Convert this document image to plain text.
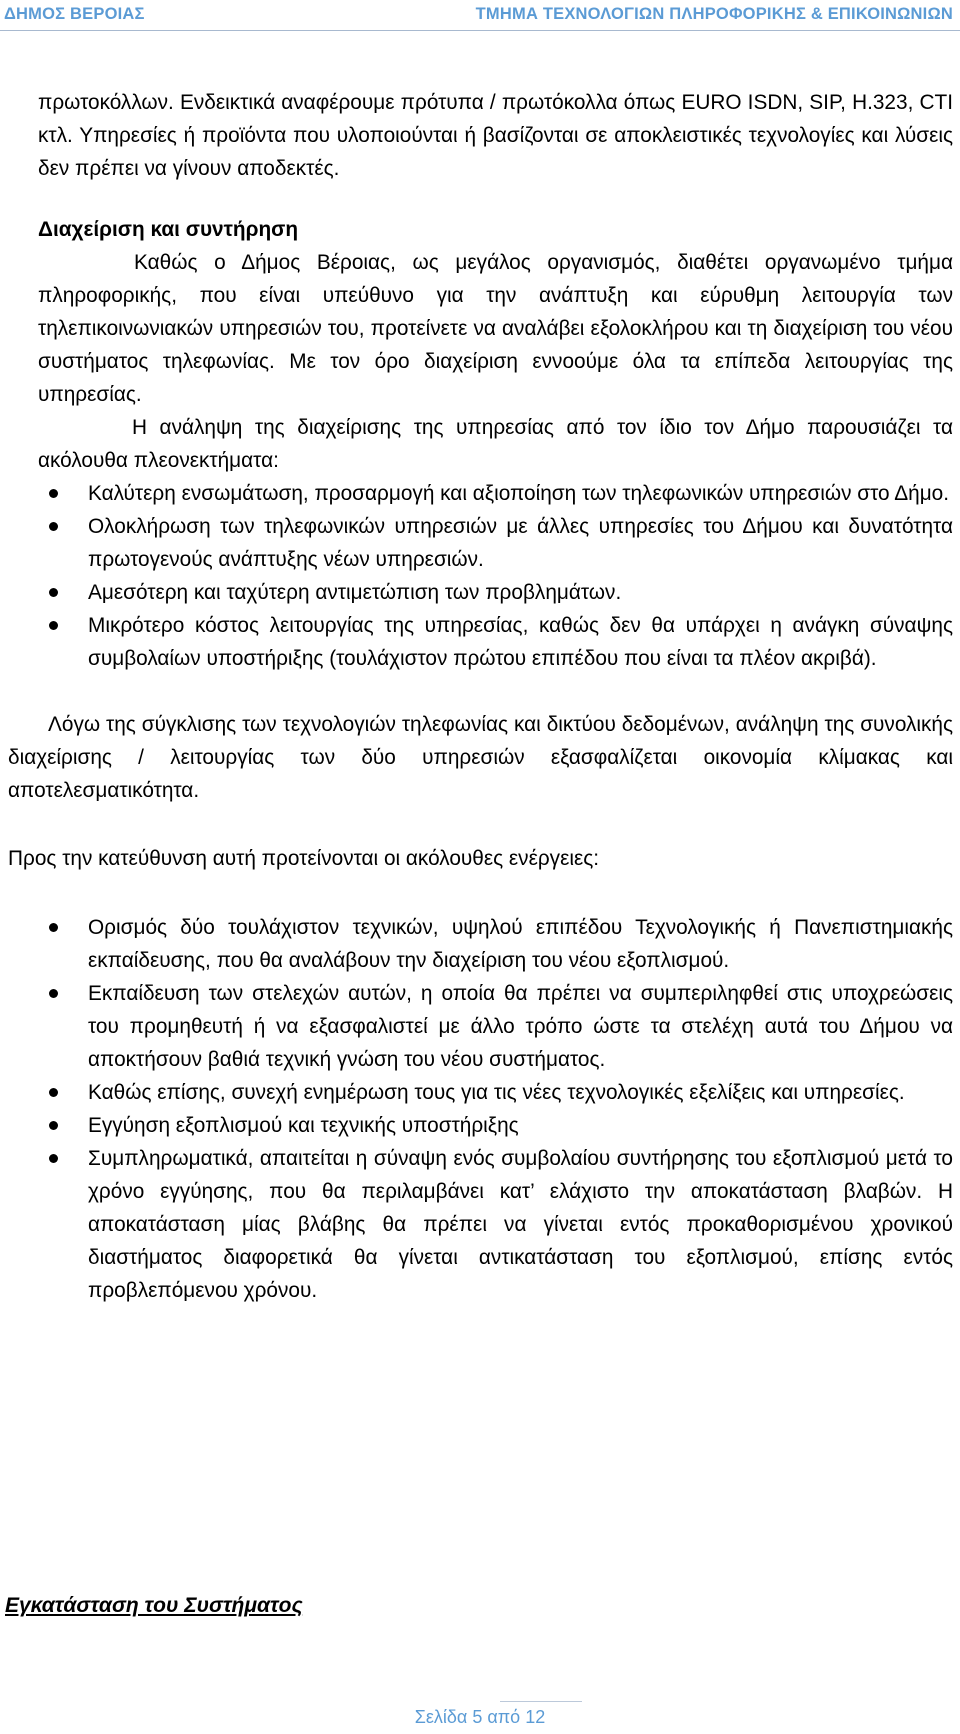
ΔΗΜΟΣ ΒΕΡΟΙΑΣ	ΤΜΗΜΑ ΤΕΧΝΟΛΟΓΙΩΝ ΠΛΗΡΟΦΟΡΙΚΗΣ & ΕΠΙΚΟΙΝΩΝΙΩΝ

πρωτοκόλλων. Ενδεικτικά αναφέρουμε πρότυπα / πρωτόκολλα όπως EURO ISDN, SIP, H.323, CTI κτλ. Υπηρεσίες ή προϊόντα που υλοποιούνται ή βασίζονται σε αποκλειστικές τεχνολογίες και λύσεις δεν πρέπει να γίνουν αποδεκτές.

Διαχείριση και συντήρηση

Καθώς ο Δήμος Βέροιας, ως μεγάλος οργανισμός, διαθέτει οργανωμένο τμήμα πληροφορικής, που είναι υπεύθυνο για την ανάπτυξη και εύρυθμη λειτουργία των τηλεπικοινωνιακών υπηρεσιών του, προτείνετε να αναλάβει εξολοκλήρου και τη διαχείριση του νέου συστήματος τηλεφωνίας. Με τον όρο διαχείριση εννοούμε όλα τα επίπεδα λειτουργίας της υπηρεσίας.

Η ανάληψη της διαχείρισης της υπηρεσίας από τον ίδιο τον Δήμο παρουσιάζει τα ακόλουθα πλεονεκτήματα:

Καλύτερη ενσωμάτωση, προσαρμογή και αξιοποίηση των τηλεφωνικών υπηρεσιών στο Δήμο.
Ολοκλήρωση των τηλεφωνικών υπηρεσιών με άλλες υπηρεσίες του Δήμου και δυνατότητα πρωτογενούς ανάπτυξης νέων υπηρεσιών.
Αμεσότερη και ταχύτερη αντιμετώπιση των προβλημάτων.
Μικρότερο κόστος λειτουργίας της υπηρεσίας, καθώς δεν θα υπάρχει η ανάγκη σύναψης συμβολαίων υποστήριξης (τουλάχιστον πρώτου επιπέδου που είναι τα πλέον ακριβά).

Λόγω της σύγκλισης των τεχνολογιών τηλεφωνίας και δικτύου δεδομένων, ανάληψη της συνολικής διαχείρισης / λειτουργίας των δύο υπηρεσιών εξασφαλίζεται οικονομία κλίμακας και αποτελεσματικότητα.

Προς την κατεύθυνση αυτή προτείνονται οι ακόλουθες ενέργειες:

Ορισμός δύο τουλάχιστον τεχνικών, υψηλού επιπέδου Τεχνολογικής ή Πανεπιστημιακής εκπαίδευσης, που θα αναλάβουν την διαχείριση του νέου εξοπλισμού.
Εκπαίδευση των στελεχών αυτών, η οποία θα πρέπει να συμπεριληφθεί στις υποχρεώσεις του προμηθευτή ή να εξασφαλιστεί με άλλο τρόπο ώστε τα στελέχη αυτά του Δήμου να αποκτήσουν βαθιά τεχνική γνώση του νέου συστήματος.
Καθώς επίσης, συνεχή ενημέρωση τους για τις νέες τεχνολογικές εξελίξεις και υπηρεσίες.
Εγγύηση εξοπλισμού και τεχνικής υποστήριξης
Συμπληρωματικά, απαιτείται η σύναψη ενός συμβολαίου συντήρησης του εξοπλισμού μετά το χρόνο εγγύησης, που θα περιλαμβάνει κατ’ ελάχιστο την αποκατάσταση βλαβών. Η αποκατάσταση μίας βλάβης θα πρέπει να γίνεται εντός προκαθορισμένου χρονικού διαστήματος διαφορετικά θα γίνεται αντικατάσταση του εξοπλισμού, επίσης εντός προβλεπόμενου χρόνου.
Εγκατάσταση του Συστήματος
Σελίδα 5 από 12
